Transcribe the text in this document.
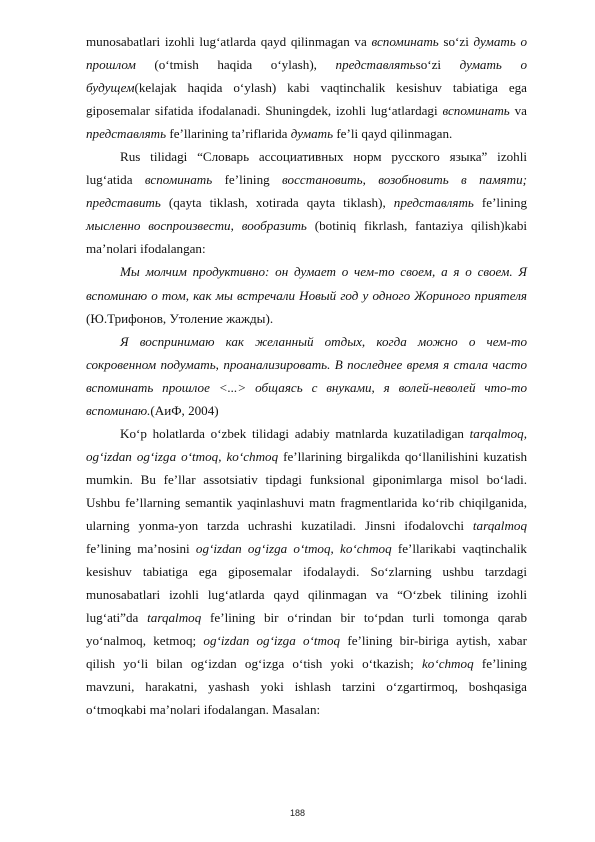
munosabatlari izohli lug‘atlarda qayd qilinmagan va вспоминать so‘zi думать о
прошлом (o‘tmish haqida o‘ylash), представлятьso‘zi думать о
будущем(kelajak haqida o‘ylash) kabi vaqtinchalik kesishuv tabiatiga ega
giposemalar sifatida ifodalanadi. Shuningdek, izohli lug‘atlardagi вспоминать va
представлять fe’llarining ta’riflarida думать fe’li qayd qilinmagan.
Rus tilidagi “Словарь ассоциативных норм русского языка” izohli
lug‘atida вспоминать fe’lining восстановить, возобновить в памяти;
представить (qayta tiklash, xotirada qayta tiklash), представлять fe’lining
мысленно воспроизвести, вообразить (botiniq fikrlash, fantaziya qilish)kabi
ma’nolari ifodalangan:
Мы молчим продуктивно: он думает о чем-то своем, а я о своем. Я
вспоминаю о том, как мы встречали Новый год у одного Жориного приятеля
(Ю.Трифонов, Утоление жажды).
Я воспринимаю как желанный отдых, когда можно о чем-то
сокровенном подумать, проанализировать. В последнее время я стала часто
вспоминать прошлое <...> общаясь с внуками, я волей-неволей что-то
вспоминаю.(АиФ, 2004)
Ko‘p holatlarda o‘zbek tilidagi adabiy matnlarda kuzatiladigan tarqalmoq,
og‘izdan og‘izga o‘tmoq, ko‘chmoq fe’llarining birgalikda qo‘llanilishini kuzatish
mumkin. Bu fe’llar assotsiativ tipdagi funksional giponimlarga misol bo‘ladi.
Ushbu fe’llarning semantik yaqinlashuvi matn fragmentlarida ko‘rib chiqilganida,
ularning yonma-yon tarzda uchrashi kuzatiladi. Jinsni ifodalovchi tarqalmoq
fe’lining ma’nosini og‘izdan og‘izga o‘tmoq, ko‘chmoq fe’llarikabi vaqtinchalik
kesishuv tabiatiga ega giposemalar ifodalaydi. So‘zlarning ushbu tarzdagi
munosabatlari izohli lug‘atlarda qayd qilinmagan va “O‘zbek tilining izohli
lug‘ati”da tarqalmoq fe’lining bir o‘rindan bir to‘pdan turli tomonga qarab
yo‘nalmoq, ketmoq; og‘izdan og‘izga o‘tmoq fe’lining bir-biriga aytish, xabar
qilish yo‘li bilan og‘izdan og‘izga o‘tish yoki o‘tkazish; ko‘chmoq fe’lining
mavzuni, harakatni, yashash yoki ishlash tarzini o‘zgartirmoq, boshqasiga
o‘tmoqkabi ma’nolari ifodalangan. Masalan:
188
